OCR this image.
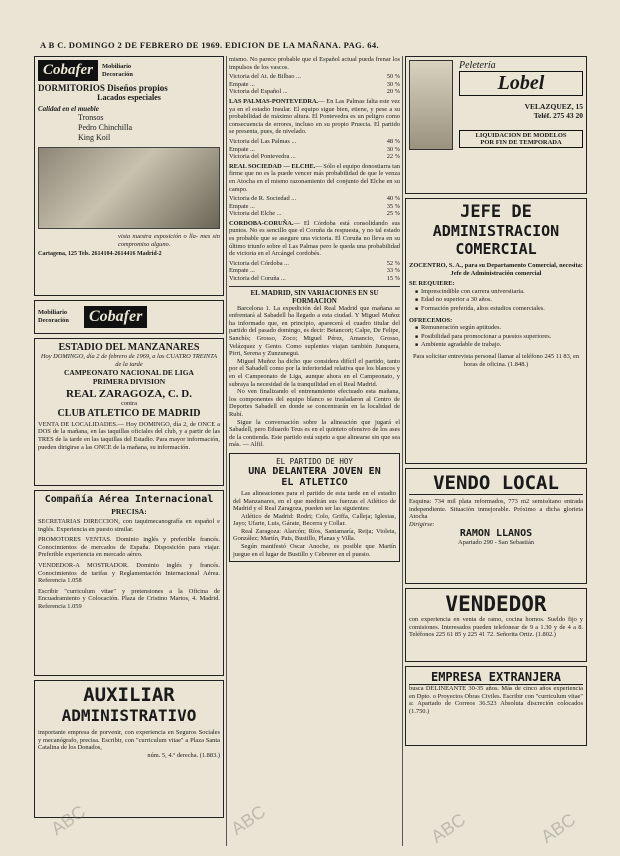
A B C. DOMINGO 2 DE FEBRERO DE 1969. EDICION DE LA MAÑANA. PAG. 64.
Cobafer	Mobiliario Decoración
DORMITORIOS Diseños propios
Lacados especiales
Calidad en el mueble
Tronsos
Pedro Chinchilla
King Koil
vista nuestra exposición o lla- mes sin compromiso alguno.
Cartagena, 125 Tels. 2614104-2614416 Madrid-2
Mobiliario Decoración	Cobafer
ESTADIO DEL MANZANARES
Hoy DOMINGO, día 2 de febrero de 1969, a las CUATRO TREINTA de la tarde
CAMPEONATO NACIONAL DE LIGA
PRIMERA DIVISION
REAL ZARAGOZA, C. D.
contra
CLUB ATLETICO DE MADRID
VENTA DE LOCALIDADES.— Hoy DOMINGO, día 2, de ONCE a DOS de la mañana, en las taquillas oficiales del club, y a partir de las TRES de la tarde en las taquillas del Estadio. Para mayor información, pueden dirigirse a las ONCE de la mañana, su información.
Compañía Aérea Internacional
PRECISA:
SECRETARIAS DIRECCION, con taquimecanografía en español e inglés. Experiencia en puesto similar.
PROMOTORES VENTAS. Dominio inglés y preferible francés. Conocimientos de mercados de España. Disposición para viajar. Preferible experiencia en mercado aéreo.
VENDEDOR-A MOSTRADOR. Dominio inglés y francés. Conocimientos de tarifas y Reglamentación Internacional Aérea. Referencia 1.058
Escribir "curriculum vitae" y pretensiones a la Oficina de Encuadramiento y Colocación. Plaza de Cristino Martos, 4. Madrid. Referencia 1.059
AUXILIAR
ADMINISTRATIVO
importante empresa de porvenir, con experiencia en Seguros Sociales y mecanógrafo, precisa. Escribir, con "curriculum vitae" a Plaza Santa Catalina de los Donados,
núm. 5, 4.º derecha. (1.883.)
mismo. No parece probable que el Español actual pueda frenar los impulsos de los vascos.
Victoria del At. de Bilbao ...	50 %
Empate ...	30 %
Victoria del Español ...	20 %
LAS PALMAS-PONTEVEDRA.— En Las Palmas falta este vez ya en el estadio Insular. El equipo sigue bien, etiene, y pese a su probabilidad de máximo altura. El Pontevedra es un peligro como consecuencia de errores, incluso en su propio Pruecia. El partido se presenta, pues, de nivelado.
Victoria del Las Palmas ...	48 %
Empate ...	30 %
Victoria del Pontevedra ...	22 %
REAL SOCIEDAD — ELCHE.— Sólo el equipo donostiarra tan firme que no es la puede vencer más probabilidad de que le venza en Atocha en el mismo razonamiento del conjunto del Elche en su campo.
Victoria de R. Sociedad ...	40 %
Empate ...	35 %
Victoria del Elche ...	25 %
CORDOBA-CORUÑA.— El Córdoba está consolidando sus puntos. No es sencillo que el Coruña da respuesta, y no tal estado es probable que se asegure una victoria. El Coruña no lleva en su último triunfo sobre el Las Palmas pero le queda una probabilidad de victoria en el Arcángel cordobés.
Victoria del Córdoba ...	52 %
Empate ...	33 %
Victoria del Coruña ...	15 %
EL MADRID, SIN VARIACIONES EN SU FORMACION
Barcelona 1. La expedición del Real Madrid que mañana se enfrentará al Sabadell ha llegado a esta ciudad. Y Miguel Muñoz ha informado que, en principio, aparecerá el cuadro titular del partido del pasado domingo, es decir: Betancort; Calpe, De Felipe, Sanchís; Grosso, Zoco; Miguel Pérez, Amancio, Grosso, Velázquez y Gento. Como suplentes viajan también Junquera, Pirri, Serena y Zunzunegui.
Miguel Muñoz ha dicho que considera difícil el partido, tanto por el Sabadell como por la inferioridad relativa que los blancos y en el Campeonato de Liga, aunque ahora en el Campeonato, y subraya la necesidad de la tranquilidad en el Real Madrid.
No ven finalizando el entrenamiento efectuado esta mañana, los componentes del equipo blanco se trasladaron al Centro de Deportes Sabadell en donde se concentrarán en la localidad de Rubí.
Sigue la conversación sobre la alineación que jugará el Sabadell, pero Eduardo Teus es en el quinteto ofensivo de los ases de la contienda. Este partido está sujeto a que alinearse sin que sea más. — Alfil.
EL PARTIDO DE HOY
UNA DELANTERA JOVEN EN
EL ATLETICO
Las alineaciones para el partido de esta tarde en el estadio del Manzanares, en el que medirán sus fuerzas el Atlético de Madrid y el Real Zaragoza, pueden ser las siguientes:
Atlético de Madrid: Rodri; Colo, Griffa, Calleja; Iglesias, Jayo; Ufarte, Luis, Gárate, Becerra y Collar.
Real Zaragoza: Alarcón; Ríos, Santamaría, Reija; Violeta, González; Martín, Pais, Bustillo, Planas y Villa.
Según manifestó Oscar Anoche, es posible que Martín juegue en el lugar de Bustillo y Cebrerer en el puesto.
Peletería
Lobel
VELAZQUEZ, 15
Teléf. 275 43 20
LIQUIDACION DE MODELOS
POR FIN DE TEMPORADA
JEFE DE
ADMINISTRACION
COMERCIAL
ZOCENTRO, S. A., para su Departamento Comercial, necesita: Jefe de Administración comercial
SE REQUIERE:
■ Imprescindible con carrera universitaria.
■ Edad no superior a 30 años.
■ Formación preferida, altos estudios comerciales.
OFRECEMOS:
■ Remuneración según aptitudes.
■ Posibilidad para promocionar a puestos superiores.
■ Ambiente agradable de trabajo.
Para solicitar entrevista personal llamar al teléfono 245 11 83, en horas de oficina. (1.848.)
VENDO LOCAL
Esquina: 734 mil plata reformados, 773 m2 semisótano entrada independiente. Situación inmejorable. Próximo a dicha glorieta Atocha
Dirigirse:
RAMON LLANOS
Apartado 290 - San Sebastián
VENDEDOR
con experiencia en venta de ramo, cocina hornos. Sueldo fijo y comisiones. Interesados pueden telefonear de 9 a 1.30 y de 4 a 8. Teléfonos 225 61 85 y 225 41 72. Señorita Ortiz. (1.802.)
EMPRESA EXTRANJERA
busca DELINEANTE 30-35 años. Más de cinco años experiencia en Dpto. o Proyectos Obras Civiles. Escribir con "curriculum vitae" a: Apartado de Correos 36.523 Absoluta discreción colocados (1.750.)
ABC	ABC	ABC	ABC
